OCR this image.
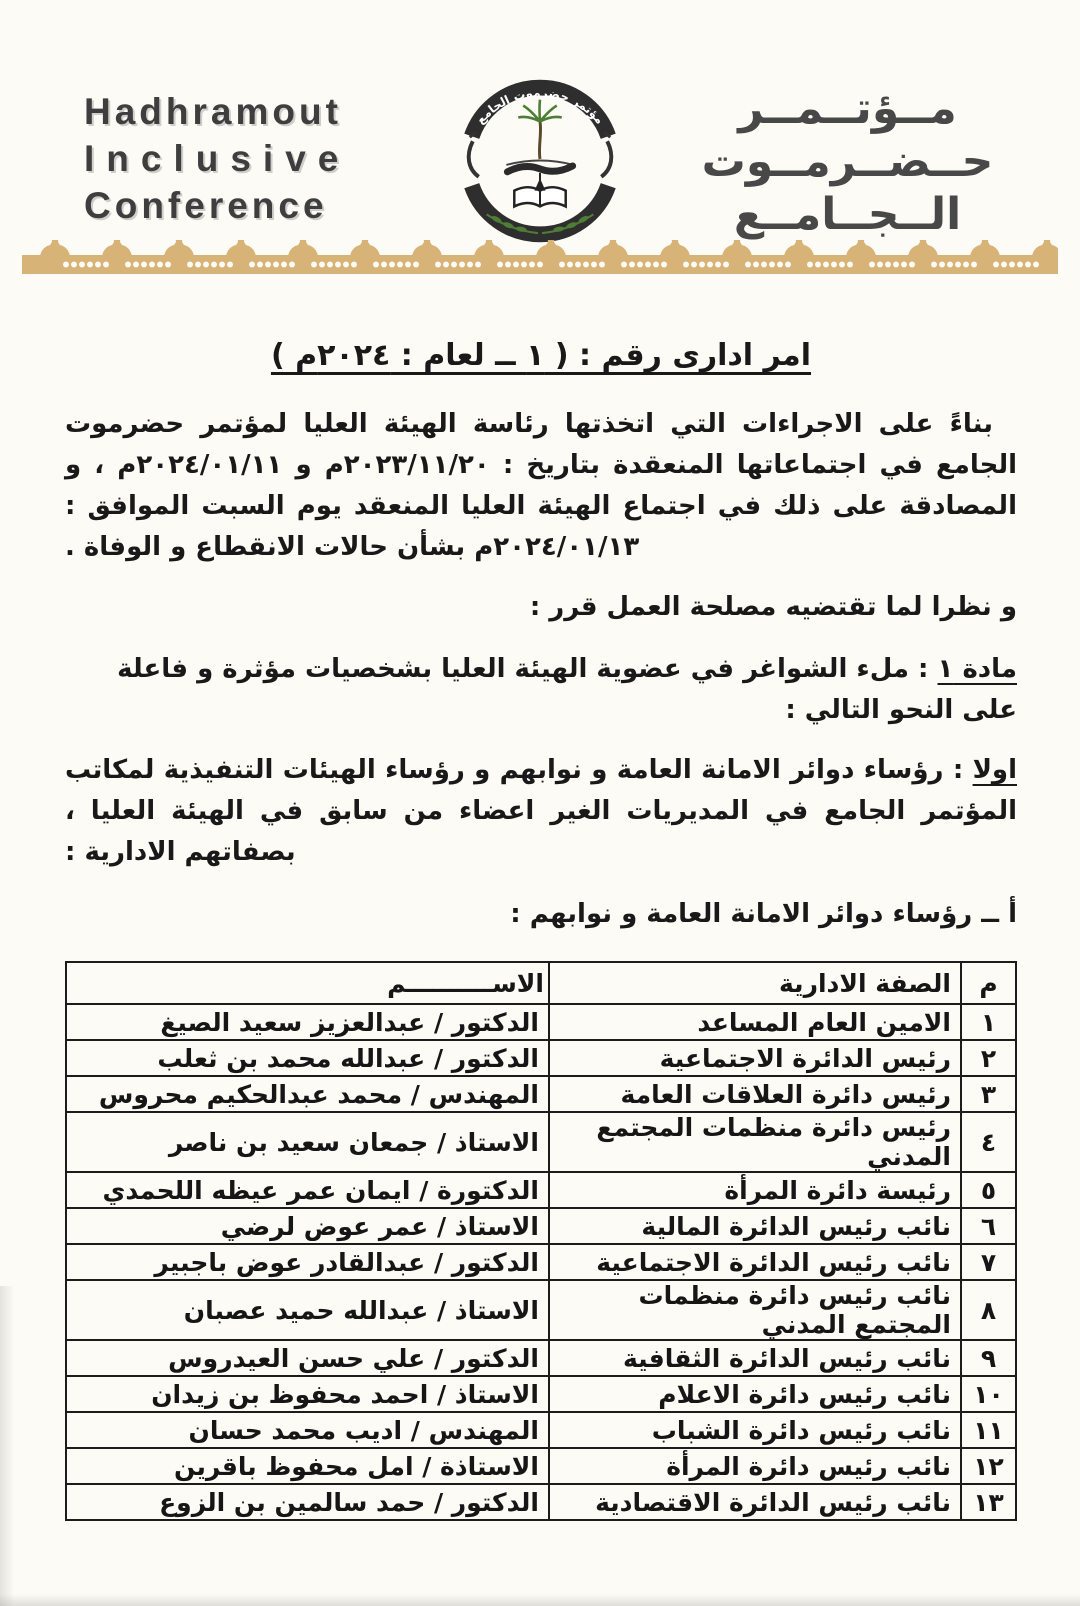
Hadhramout
Inclusive
Conference
مؤتمر حضرموت الجامع	مــؤتــمــر
حــضــرمــوت
الــجــامــع
امر ادارى رقم : ( ١ ــ لعام : ٢٠٢٤م )

بناءً على الاجراءات التي اتخذتها رئاسة الهيئة العليا لمؤتمر حضرموت الجامع في اجتماعاتها المنعقدة بتاريخ : ٢٠٢٣/١١/٢٠م و ٢٠٢٤/٠١/١١م ، و المصادقة على ذلك في اجتماع الهيئة العليا المنعقد يوم السبت الموافق : ٢٠٢٤/٠١/١٣م بشأن حالات الانقطاع و الوفاة .

و نظرا لما تقتضيه مصلحة العمل قرر :

مادة ١ : ملء الشواغر في عضوية الهيئة العليا بشخصيات مؤثرة و فاعلة على النحو التالي :

اولا : رؤساء دوائر الامانة العامة و نوابهم و رؤساء الهيئات التنفيذية لمكاتب المؤتمر الجامع في المديريات الغير اعضاء من سابق في الهيئة العليا ، بصفاتهم الادارية :

أ ــ رؤساء دوائر الامانة العامة و نوابهم :

م	الصفة الادارية	الاســــــــــم
١	الامين العام المساعد	الدكتور / عبدالعزيز سعيد الصيغ
٢	رئيس الدائرة الاجتماعية	الدكتور / عبدالله محمد بن ثعلب
٣	رئيس دائرة العلاقات العامة	المهندس / محمد عبدالحكيم محروس
٤	رئيس دائرة منظمات المجتمع المدني	الاستاذ / جمعان سعيد بن ناصر
٥	رئيسة دائرة المرأة	الدكتورة / ايمان عمر عيظه اللحمدي
٦	نائب رئيس الدائرة المالية	الاستاذ / عمر عوض لرضي
٧	نائب رئيس الدائرة الاجتماعية	الدكتور / عبدالقادر عوض باجبير
٨	نائب رئيس دائرة منظمات المجتمع المدني	الاستاذ / عبدالله حميد عصبان
٩	نائب رئيس الدائرة الثقافية	الدكتور / علي حسن العيدروس
١٠	نائب رئيس دائرة الاعلام	الاستاذ / احمد محفوظ بن زيدان
١١	نائب رئيس دائرة الشباب	المهندس / اديب محمد حسان
١٢	نائب رئيس دائرة المرأة	الاستاذة / امل محفوظ باقرين
١٣	نائب رئيس الدائرة الاقتصادية	الدكتور / حمد سالمين بن الزوع
